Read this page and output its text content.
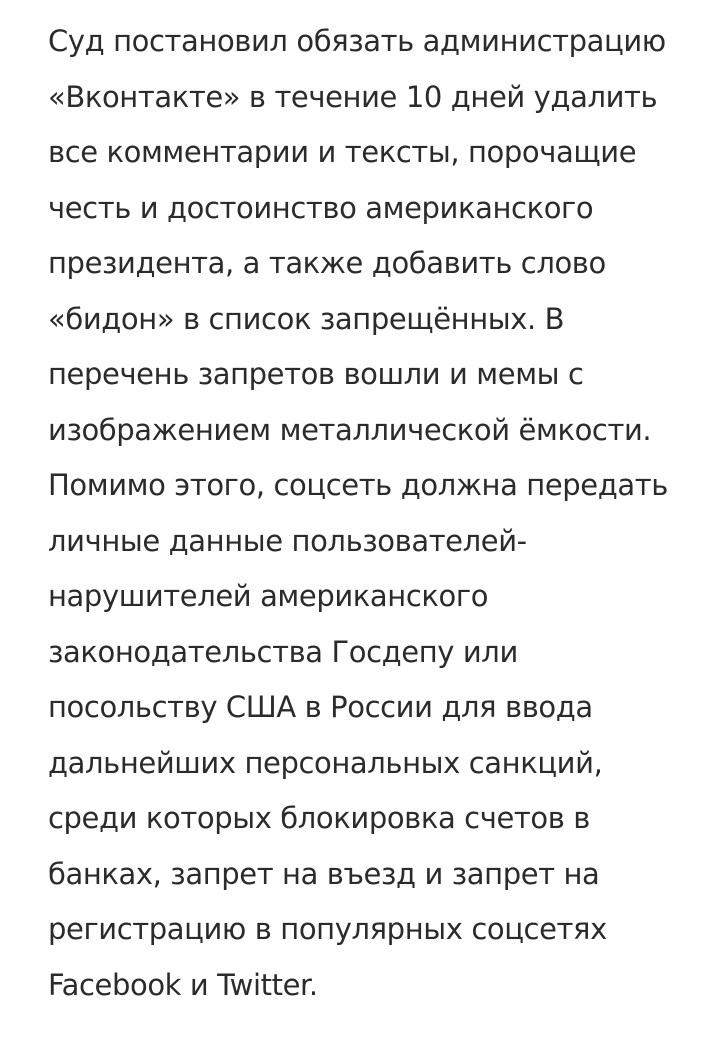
Суд постановил обязать администрацию
«Вконтакте» в течение 10 дней удалить
все комментарии и тексты, порочащие
честь и достоинство американского
президента, а также добавить слово
«бидон» в список запрещённых. В
перечень запретов вошли и мемы с
изображением металлической ёмкости.
Помимо этого, соцсеть должна передать
личные данные пользователей-
нарушителей американского
законодательства Госдепу или
посольству США в России для ввода
дальнейших персональных санкций,
среди которых блокировка счетов в
банках, запрет на въезд и запрет на
регистрацию в популярных соцсетях
Facebook и Twitter.
